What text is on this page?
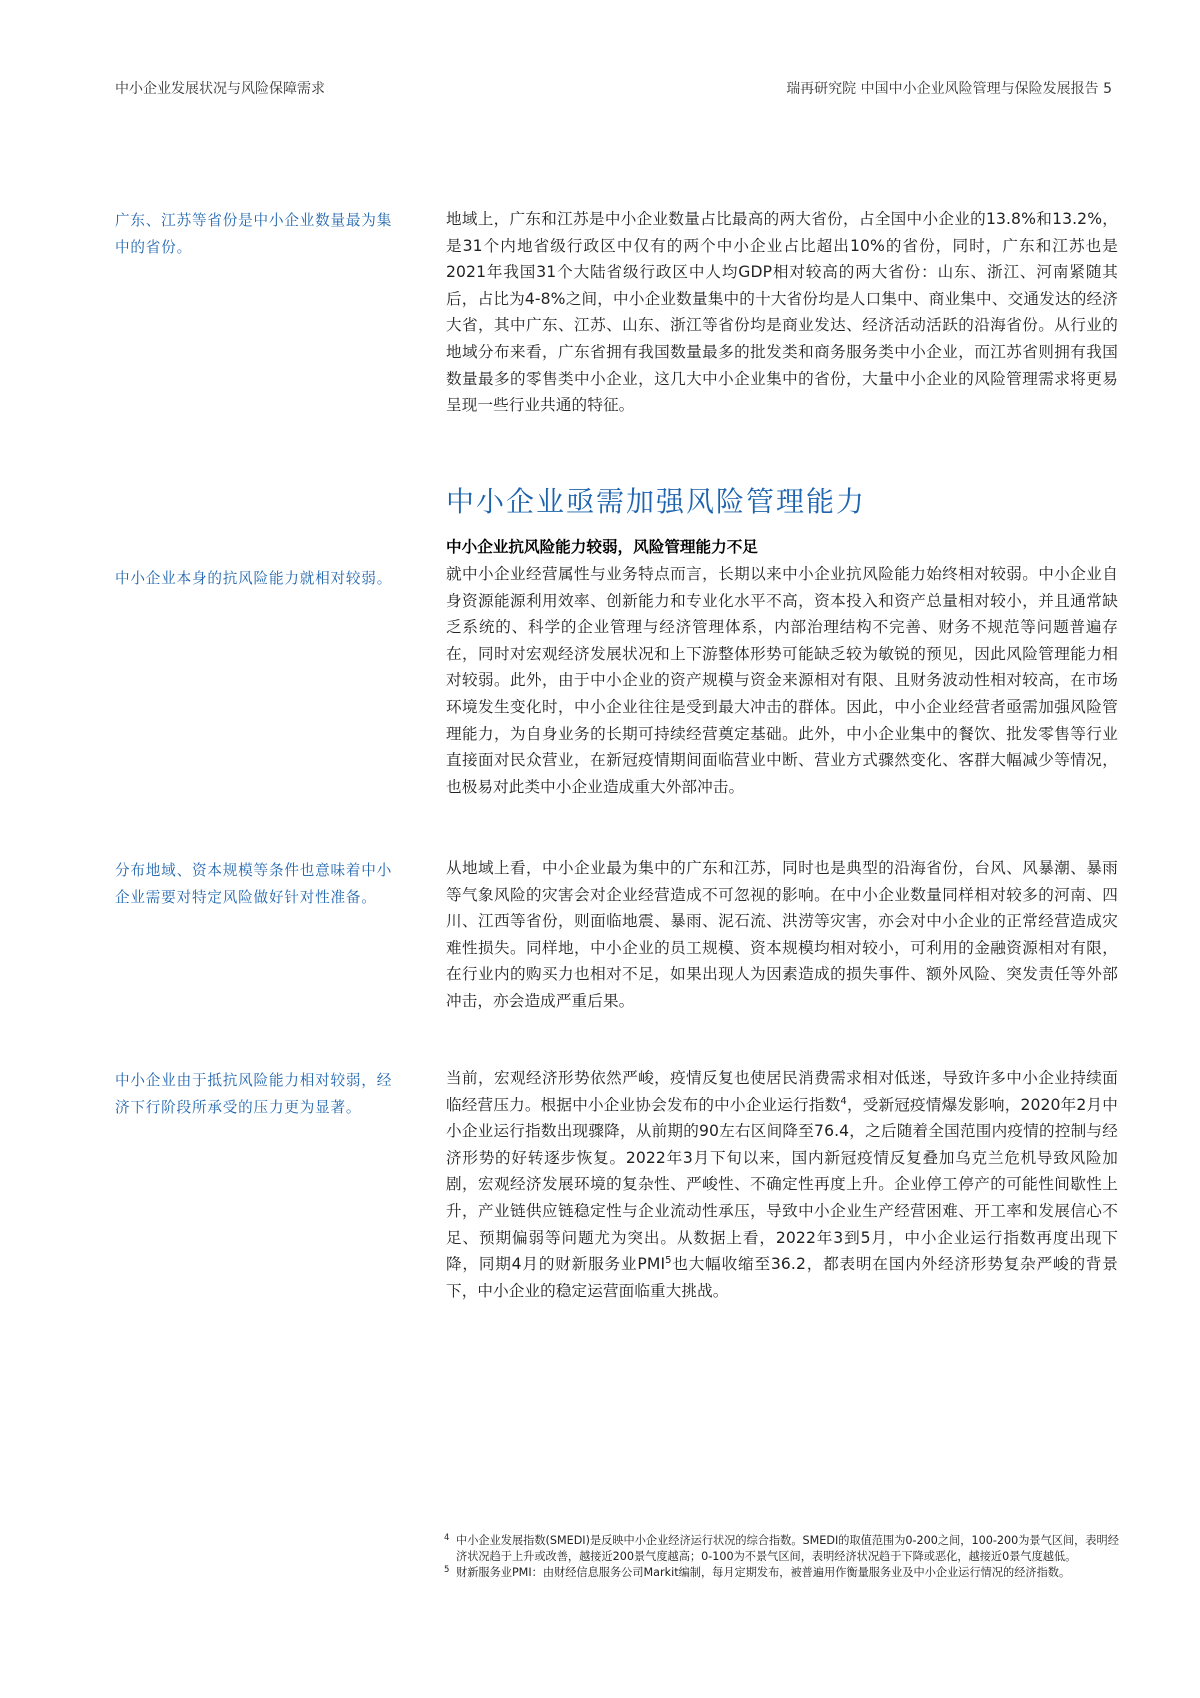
中小企业发展状况与风险保障需求	瑞再研究院 中国中小企业风险管理与保险发展报告 5
广东、江苏等省份是中小企业数量最为集中的省份。
地域上，广东和江苏是中小企业数量占比最高的两大省份，占全国中小企业的13.8%和13.2%，是31个内地省级行政区中仅有的两个中小企业占比超出10%的省份，同时，广东和江苏也是2021年我国31个大陆省级行政区中人均GDP相对较高的两大省份：山东、浙江、河南紧随其后，占比为4-8%之间，中小企业数量集中的十大省份均是人口集中、商业集中、交通发达的经济大省，其中广东、江苏、山东、浙江等省份均是商业发达、经济活动活跃的沿海省份。从行业的地域分布来看，广东省拥有我国数量最多的批发类和商务服务类中小企业，而江苏省则拥有我国数量最多的零售类中小企业，这几大中小企业集中的省份，大量中小企业的风险管理需求将更易呈现一些行业共通的特征。
中小企业亟需加强风险管理能力
中小企业抗风险能力较弱，风险管理能力不足
中小企业本身的抗风险能力就相对较弱。	就中小企业经营属性与业务特点而言，长期以来中小企业抗风险能力始终相对较弱。中小企业自身资源能源利用效率、创新能力和专业化水平不高，资本投入和资产总量相对较小，并且通常缺乏系统的、科学的企业管理与经济管理体系，内部治理结构不完善、财务不规范等问题普遍存在，同时对宏观经济发展状况和上下游整体形势可能缺乏较为敏锐的预见，因此风险管理能力相对较弱。此外，由于中小企业的资产规模与资金来源相对有限、且财务波动性相对较高，在市场环境发生变化时，中小企业往往是受到最大冲击的群体。因此，中小企业经营者亟需加强风险管理能力，为自身业务的长期可持续经营奠定基础。此外，中小企业集中的餐饮、批发零售等行业直接面对民众营业，在新冠疫情期间面临营业中断、营业方式骤然变化、客群大幅减少等情况，也极易对此类中小企业造成重大外部冲击。
分布地域、资本规模等条件也意味着中小企业需要对特定风险做好针对性准备。
从地域上看，中小企业最为集中的广东和江苏，同时也是典型的沿海省份，台风、风暴潮、暴雨等气象风险的灾害会对企业经营造成不可忽视的影响。在中小企业数量同样相对较多的河南、四川、江西等省份，则面临地震、暴雨、泥石流、洪涝等灾害，亦会对中小企业的正常经营造成灾难性损失。同样地，中小企业的员工规模、资本规模均相对较小，可利用的金融资源相对有限，在行业内的购买力也相对不足，如果出现人为因素造成的损失事件、额外风险、突发责任等外部冲击，亦会造成严重后果。
中小企业由于抵抗风险能力相对较弱，经济下行阶段所承受的压力更为显著。
当前，宏观经济形势依然严峻，疫情反复也使居民消费需求相对低迷，导致许多中小企业持续面临经营压力。根据中小企业协会发布的中小企业运行指数$^4$，受新冠疫情爆发影响，2020年2月中小企业运行指数出现骤降，从前期的90左右区间降至76.4，之后随着全国范围内疫情的控制与经济形势的好转逐步恢复。2022年3月下旬以来，国内新冠疫情反复叠加乌克兰危机导致风险加剧，宏观经济发展环境的复杂性、严峻性、不确定性再度上升。企业停工停产的可能性间歇性上升，产业链供应链稳定性与企业流动性承压，导致中小企业生产经营困难、开工率和发展信心不足、预期偏弱等问题尤为突出。从数据上看，2022年3到5月，中小企业运行指数再度出现下降，同期4月的财新服务业PMI$^5$也大幅收缩至36.2，都表明在国内外经济形势复杂严峻的背景下，中小企业的稳定运营面临重大挑战。

4 中小企业发展指数(SMEDI)是反映中小企业经济运行状况的综合指数。SMEDI的取值范围为0-200之间，100-200为景气区间，表明经济状况趋于上升或改善，越接近200景气度越高；0-100为不景气区间，表明经济状况趋于下降或恶化，越接近0景气度越低。

5 财新服务业PMI：由财经信息服务公司Markit编制，每月定期发布，被普遍用作衡量服务业及中小企业运行情况的经济指数。
